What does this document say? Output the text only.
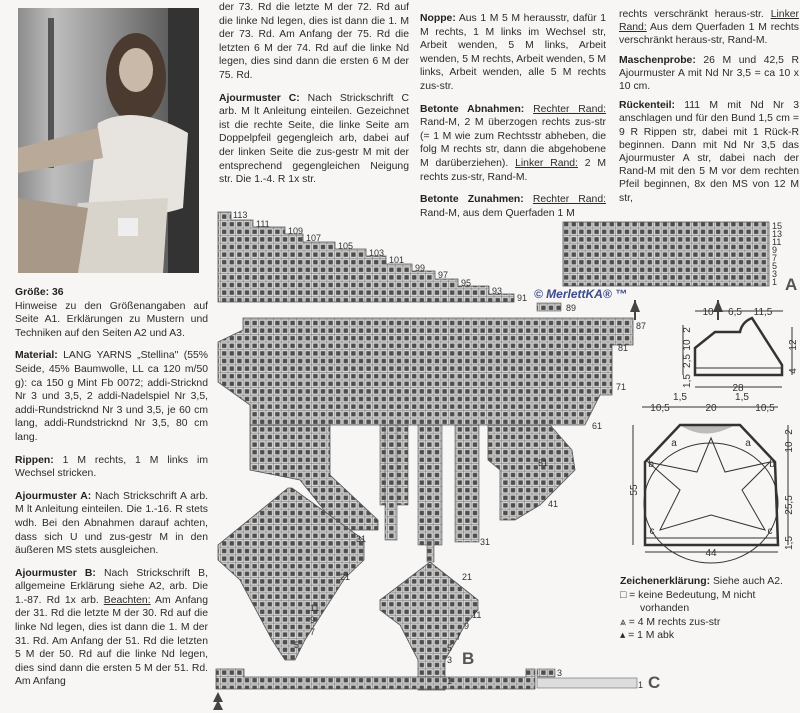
Größe: 36
Hinweise zu den Größenangaben auf Seite A1. Erklärungen zu Mustern und Techniken auf den Seiten A2 und A3.

Material: LANG YARNS „Stellina" (55% Seide, 45% Baumwolle, LL ca 120 m/50 g): ca 150 g Mint Fb 0072; addi-Stricknd Nr 3 und 3,5, 2 addi-Nadelspiel Nr 3,5, addi-Rundstricknd Nr 3 und 3,5, je 60 cm lang, addi-Rundstricknd Nr 3,5, 80 cm lang.

Rippen: 1 M rechts, 1 M links im Wechsel stricken.

Ajourmuster A: Nach Strickschrift A arb. M lt Anleitung einteilen. Die 1.-16. R stets wdh. Bei den Abnahmen darauf achten, dass sich U und zus-gestr M in den äußeren MS stets ausgleichen.

Ajourmuster B: Nach Strickschrift B, allgemeine Erklärung siehe A2, arb. Die 1.-87. Rd 1x arb. Beachten: Am Anfang der 31. Rd die letzte M der 30. Rd auf die linke Nd legen, dies ist dann die 1. M der 31. Rd. Am Anfang der 51. Rd die letzten 5 M der 50. Rd auf die linke Nd legen, dies sind dann die ersten 5 M der 51. Rd. Am Anfang

der 73. Rd die letzte M der 72. Rd auf die linke Nd legen, dies ist dann die 1. M der 73. Rd. Am Anfang der 75. Rd die letzten 6 M der 74. Rd auf die linke Nd legen, dies sind dann die ersten 6 M der 75. Rd.

Ajourmuster C: Nach Strickschrift C arb. M lt Anleitung einteilen. Gezeichnet ist die rechte Seite, die linke Seite am Doppelpfeil gegengleich arb, dabei auf der linken Seite die zus-gestr M mit der entsprechend gegengleichen Neigung str. Die 1.-4. R 1x str.

Noppe: Aus 1 M 5 M herausstr, dafür 1 M rechts, 1 M links im Wechsel str, Arbeit wenden, 5 M links, Arbeit wenden, 5 M rechts, Arbeit wenden, 5 M links, Arbeit wenden, alle 5 M rechts zus-str.

Betonte Abnahmen: Rechter Rand: Rand-M, 2 M überzogen rechts zus-str (= 1 M wie zum Rechtsstr abheben, die folg M rechts str, dann die abgehobene M darüberziehen). Linker Rand: 2 M rechts zus-str, Rand-M.

Betonte Zunahmen: Rechter Rand: Rand-M, aus dem Querfaden 1 M

rechts verschränkt heraus-str. Linker Rand: Aus dem Querfaden 1 M rechts verschränkt heraus-str, Rand-M.

Maschenprobe: 26 M und 42,5 R Ajourmuster A mit Nd Nr 3,5 = ca 10 x 10 cm.

Rückenteil: 111 M mit Nd Nr 3 anschlagen und für den Bund 1,5 cm = 9 R Rippen str, dabei mit 1 Rück-R beginnen. Dann mit Nd Nr 3,5 das Ajourmuster A str, dabei nach der Rand-M mit den 5 M vor dem rechten Pfeil beginnen, 8x den MS von 12 M str,

15
13
11
9
7
5
3
1
113
111
109
107
105
103
101
99
97
95
93
91
89
87
81
71
61
51
41
31	31
21	21
11
11
9
9
7	7
5	5
3
1
3
1
A
B
C
© MerlettKA® ™
10 6,5 11,5
28
2
10
2,5
1,5
12
4
1,5	1,5
10,5	20	10,5
44
55
2
10
25,5
1,5
a	a
b	b
c	c
Zeichenerklärung: Siehe auch A2.
□ = keine Bedeutung, M nicht
vorhanden
⩓ = 4 M rechts zus-str
▴ = 1 M abk
